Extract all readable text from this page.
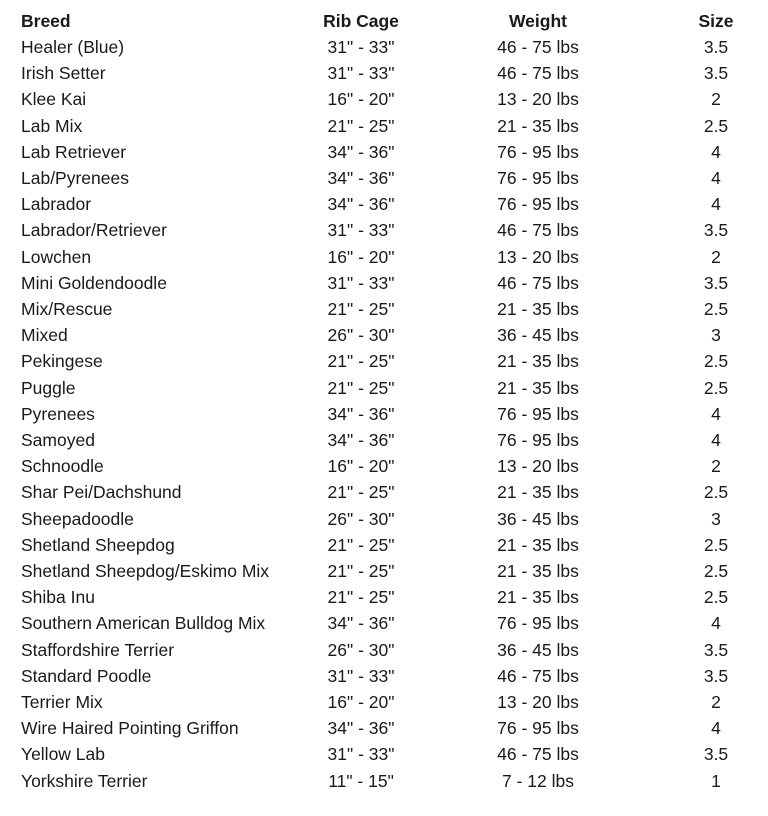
Breed	Rib Cage	Weight	Size
Healer (Blue)	31" - 33"	46 - 75 lbs	3.5
Irish Setter	31" - 33"	46 - 75 lbs	3.5
Klee Kai	16" - 20"	13 - 20 lbs	2
Lab Mix	21" - 25"	21 - 35 lbs	2.5
Lab Retriever	34" - 36"	76 - 95 lbs	4
Lab/Pyrenees	34" - 36"	76 - 95 lbs	4
Labrador	34" - 36"	76 - 95 lbs	4
Labrador/Retriever	31" - 33"	46 - 75 lbs	3.5
Lowchen	16" - 20"	13 - 20 lbs	2
Mini Goldendoodle	31" - 33"	46 - 75 lbs	3.5
Mix/Rescue	21" - 25"	21 - 35 lbs	2.5
Mixed	26" - 30"	36 - 45 lbs	3
Pekingese	21" - 25"	21 - 35 lbs	2.5
Puggle	21" - 25"	21 - 35 lbs	2.5
Pyrenees	34" - 36"	76 - 95 lbs	4
Samoyed	34" - 36"	76 - 95 lbs	4
Schnoodle	16" - 20"	13 - 20 lbs	2
Shar Pei/Dachshund	21" - 25"	21 - 35 lbs	2.5
Sheepadoodle	26" - 30"	36 - 45 lbs	3
Shetland Sheepdog	21" - 25"	21 - 35 lbs	2.5
Shetland Sheepdog/Eskimo Mix	21" - 25"	21 - 35 lbs	2.5
Shiba Inu	21" - 25"	21 - 35 lbs	2.5
Southern American Bulldog Mix	34" - 36"	76 - 95 lbs	4
Staffordshire Terrier	26" - 30"	36 - 45 lbs	3.5
Standard Poodle	31" - 33"	46 - 75 lbs	3.5
Terrier Mix	16" - 20"	13 - 20 lbs	2
Wire Haired Pointing Griffon	34" - 36"	76 - 95 lbs	4
Yellow Lab	31" - 33"	46 - 75 lbs	3.5
Yorkshire Terrier	11" - 15"	7 - 12 lbs	1
